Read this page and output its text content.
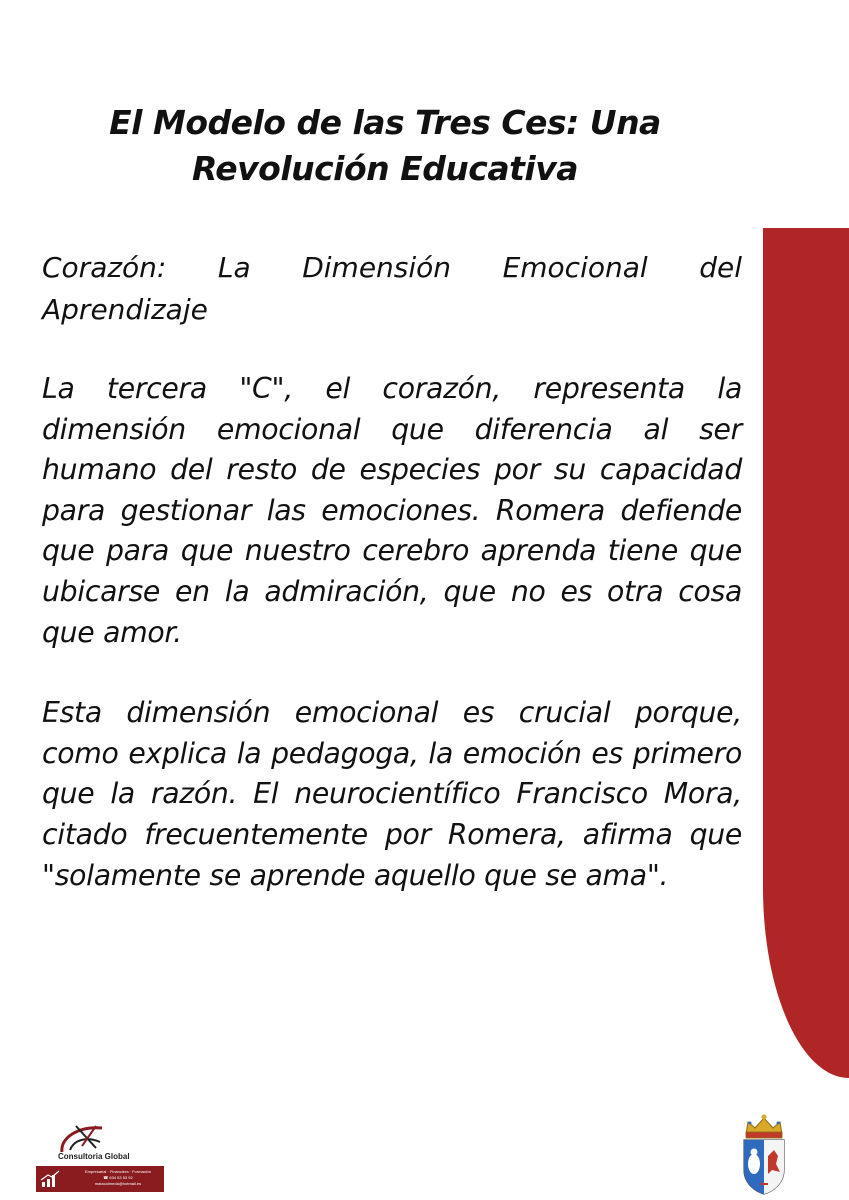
El Modelo de las Tres Ces: Una Revolución Educativa
Corazón: La Dimensión Emocional del Aprendizaje

La tercera "C", el corazón, representa la dimensión emocional que diferencia al ser humano del resto de especies por su capacidad para gestionar las emociones. Romera defiende que para que nuestro cerebro aprenda tiene que ubicarse en la admiración, que no es otra cosa que amor.

Esta dimensión emocional es crucial porque, como explica la pedagoga, la emoción es primero que la razón. El neurocientífico Francisco Mora, citado frecuentemente por Romera, afirma que "solamente se aprende aquello que se ama".

Consultoria Global
Empresarial · Financiera · Formación
☎ 634 53 53 92
matacolmeda@hotmail.es
